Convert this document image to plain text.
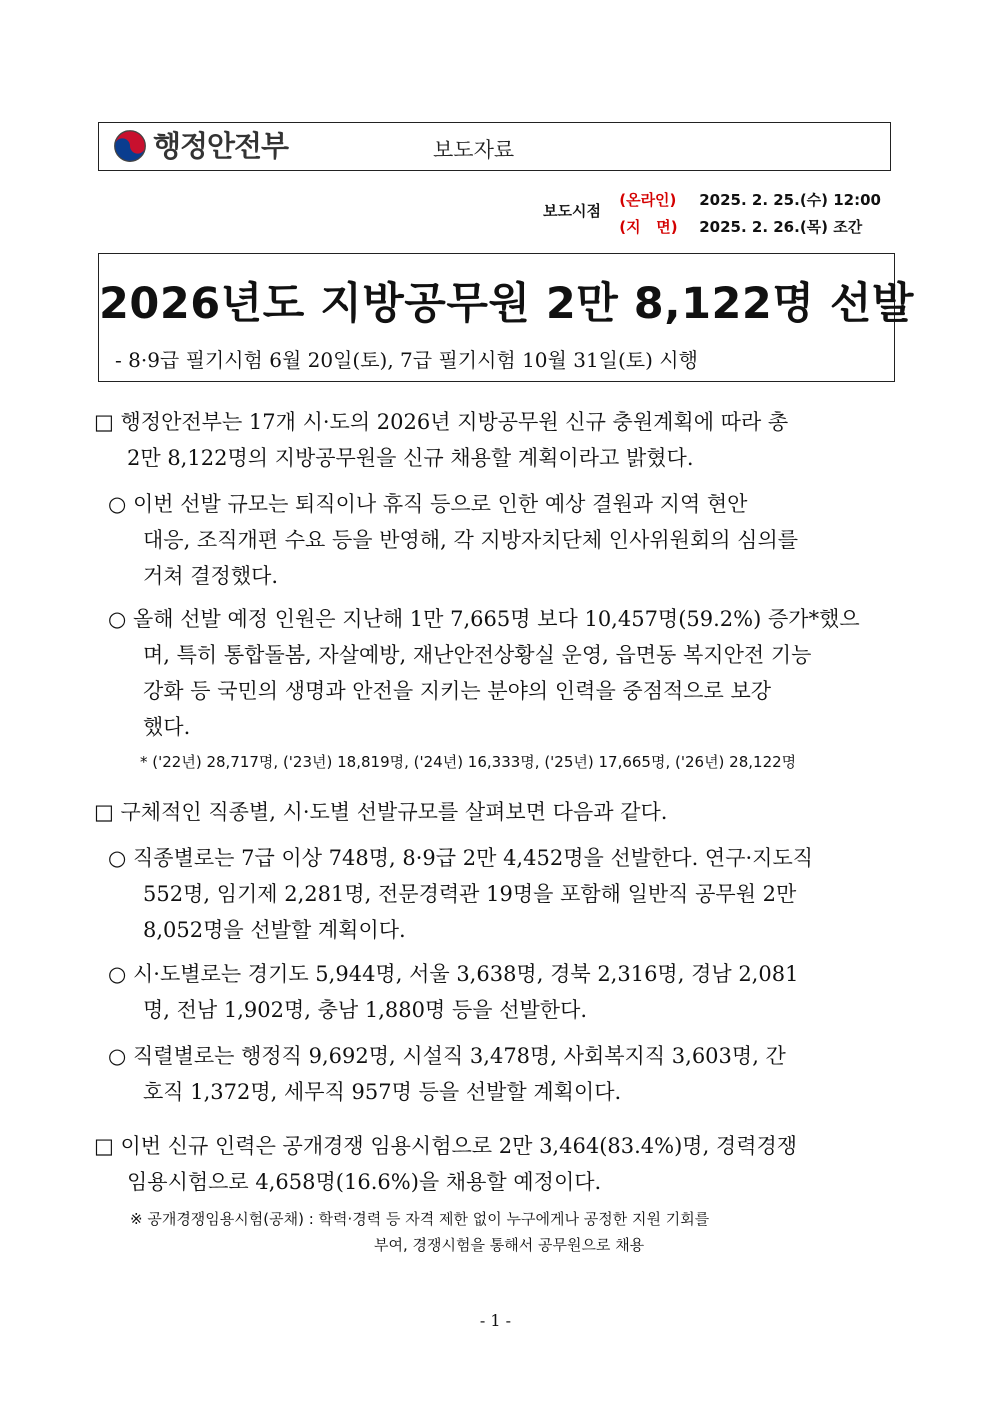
행정안전부	보도자료
보도시점
(온라인)	2025. 2. 25.(수) 12:00
(지   면)	2025. 2. 26.(목) 조간
2026년도 지방공무원 2만 8,122명 선발
- 8·9급 필기시험 6월 20일(토), 7급 필기시험 10월 31일(토) 시행
□ 행정안전부는 17개 시·도의 2026년 지방공무원 신규 충원계획에 따라 총
2만 8,122명의 지방공무원을 신규 채용할 계획이라고 밝혔다.
○ 이번 선발 규모는 퇴직이나 휴직 등으로 인한 예상 결원과 지역 현안
대응, 조직개편 수요 등을 반영해, 각 지방자치단체 인사위원회의 심의를
거쳐 결정했다.
○ 올해 선발 예정 인원은 지난해 1만 7,665명 보다 10,457명(59.2%) 증가*했으
며, 특히 통합돌봄, 자살예방, 재난안전상황실 운영, 읍면동 복지안전 기능
강화 등 국민의 생명과 안전을 지키는 분야의 인력을 중점적으로 보강
했다.
* ('22년) 28,717명, ('23년) 18,819명, ('24년) 16,333명, ('25년) 17,665명, ('26년) 28,122명
□ 구체적인 직종별, 시·도별 선발규모를 살펴보면 다음과 같다.
○ 직종별로는 7급 이상 748명, 8·9급 2만 4,452명을 선발한다. 연구·지도직
552명, 임기제 2,281명, 전문경력관 19명을 포함해 일반직 공무원 2만
8,052명을 선발할 계획이다.
○ 시·도별로는 경기도 5,944명, 서울 3,638명, 경북 2,316명, 경남 2,081
명, 전남 1,902명, 충남 1,880명 등을 선발한다.
○ 직렬별로는 행정직 9,692명, 시설직 3,478명, 사회복지직 3,603명, 간
호직 1,372명, 세무직 957명 등을 선발할 계획이다.
□ 이번 신규 인력은 공개경쟁 임용시험으로 2만 3,464(83.4%)명, 경력경쟁
임용시험으로 4,658명(16.6%)을 채용할 예정이다.
※ 공개경쟁임용시험(공채) : 학력·경력 등 자격 제한 없이 누구에게나 공정한 지원 기회를
부여, 경쟁시험을 통해서 공무원으로 채용
- 1 -
